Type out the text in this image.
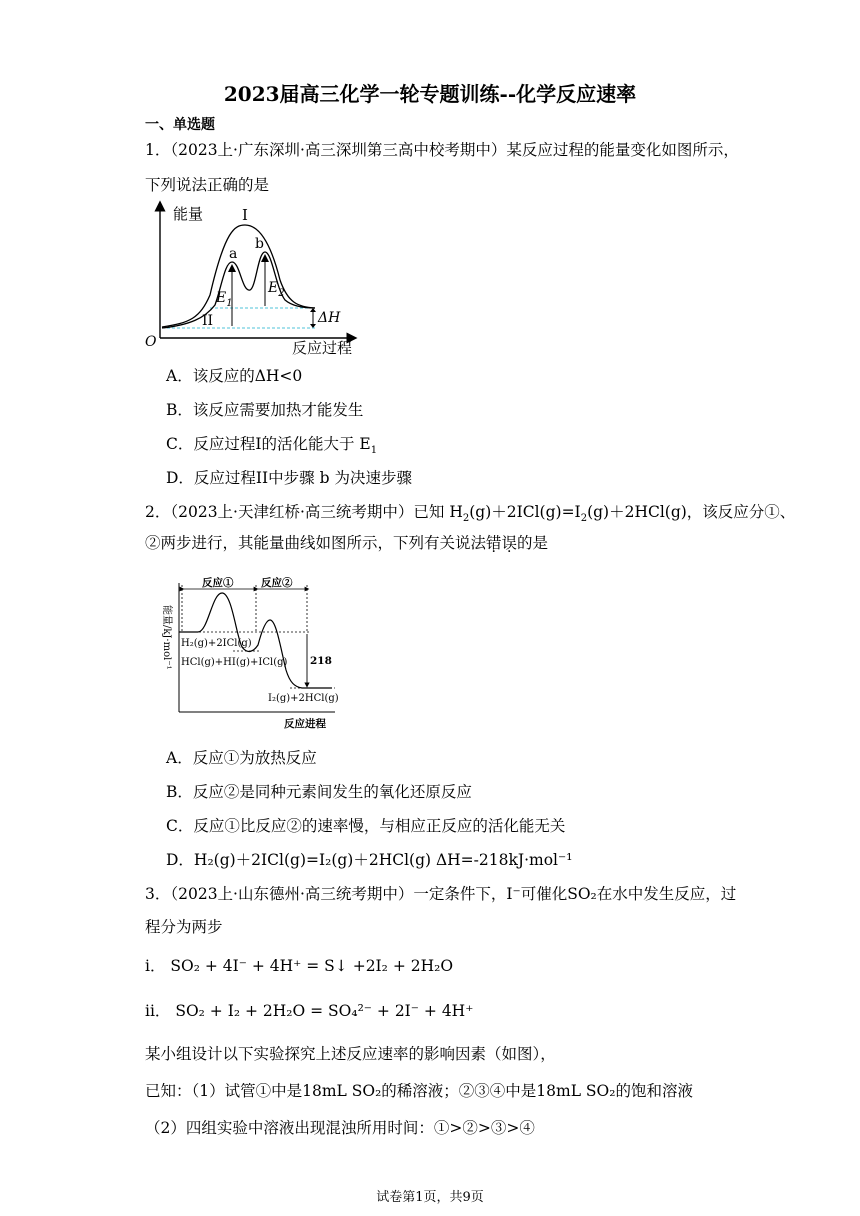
2023届高三化学一轮专题训练--化学反应速率
一、单选题
1．（2023上·广东深圳·高三深圳第三高中校考期中）某反应过程的能量变化如图所示，
下列说法正确的是
能量
反应过程
O
I
II
a
b
$E_1$
$E_2$
ΔH
A．该反应的ΔH<0
B．该反应需要加热才能发生
C．反应过程I的活化能大于 $E_1$
D．反应过程II中步骤 b 为决速步骤
2．（2023上·天津红桥·高三统考期中）已知 $H_2(g)+2ICl(g)=I_2(g)+2HCl(g)$，该反应分①、
②两步进行，其能量曲线如图所示，下列有关说法错误的是
能量/kJ·mol⁻¹
反应进程
反应①	反应②
218
H₂(g)+2ICl(g)
HCl(g)+HI(g)+ICl(g)
I₂(g)+2HCl(g)
A．反应①为放热反应
B．反应②是同种元素间发生的氧化还原反应
C．反应①比反应②的速率慢，与相应正反应的活化能无关
D．H₂(g)＋2ICl(g)=I₂(g)＋2HCl(g) ΔH=-218kJ·mol⁻¹
3．（2023上·山东德州·高三统考期中）一定条件下，I⁻可催化SO₂在水中发生反应，过
程分为两步
i． SO₂ + 4I⁻ + 4H⁺ = S↓ +2I₂ + 2H₂O
ii． SO₂ + I₂ + 2H₂O = SO₄²⁻ + 2I⁻ + 4H⁺
某小组设计以下实验探究上述反应速率的影响因素（如图），
已知：（1）试管①中是18mL SO₂的稀溶液；②③④中是18mL SO₂的饱和溶液
（2）四组实验中溶液出现混浊所用时间：①>②>③>④
试卷第1页，共9页
